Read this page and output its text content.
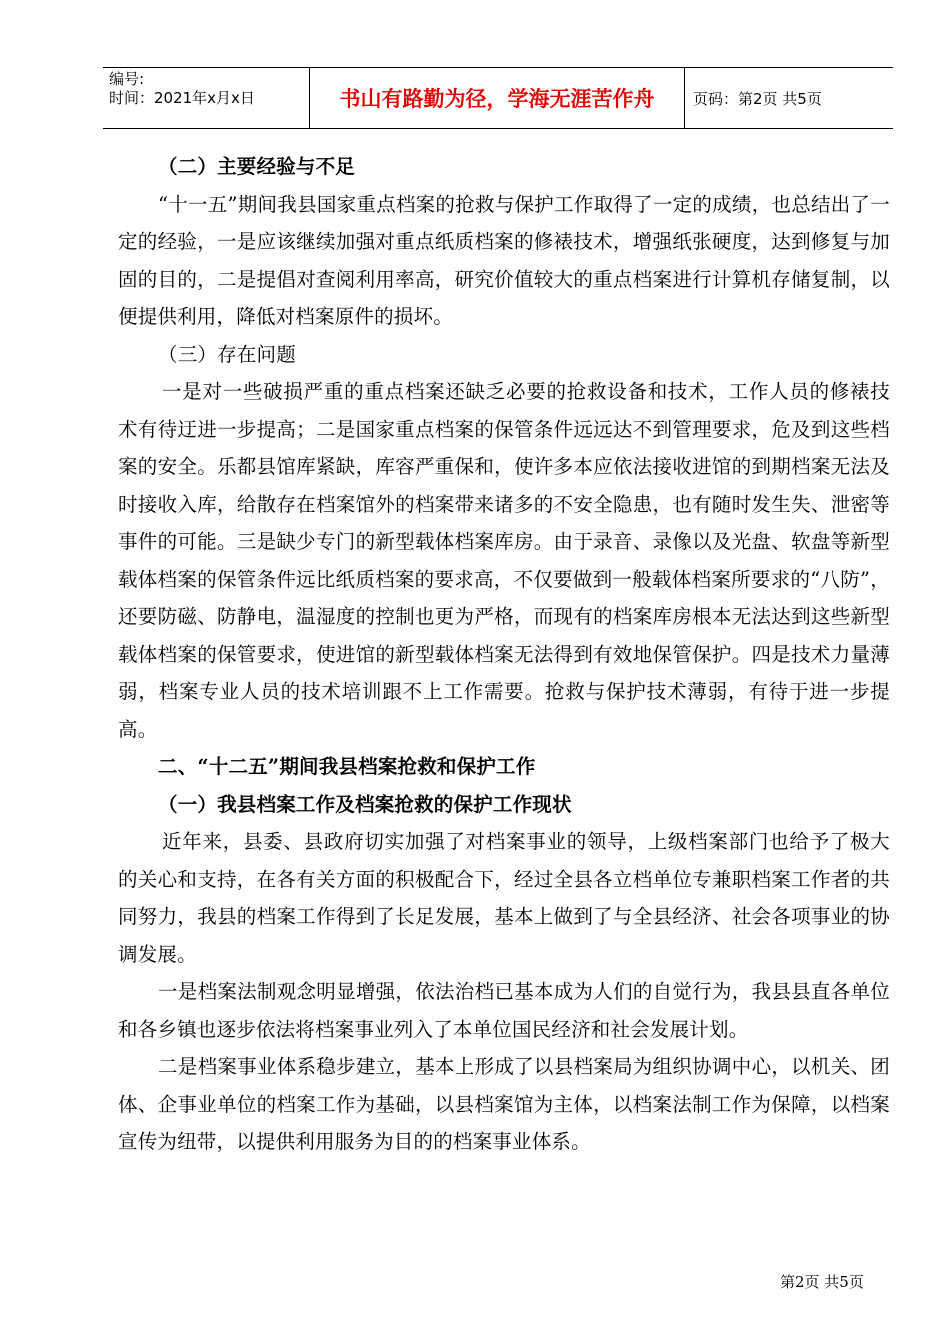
编号:
时间：2021年x月x日	书山有路勤为径，学海无涯苦作舟	页码：第2页 共5页

（二）主要经验与不足

“十一五”期间我县国家重点档案的抢救与保护工作取得了一定的成绩，也总结出了一定的经验，一是应该继续加强对重点纸质档案的修裱技术，增强纸张硬度，达到修复与加固的目的，二是提倡对查阅利用率高，研究价值较大的重点档案进行计算机存储复制，以便提供利用，降低对档案原件的损坏。

（三）存在问题

一是对一些破损严重的重点档案还缺乏必要的抢救设备和技术，工作人员的修裱技术有待迂进一步提高；二是国家重点档案的保管条件远远达不到管理要求，危及到这些档案的安全。乐都县馆库紧缺，库容严重保和，使许多本应依法接收进馆的到期档案无法及时接收入库，给散存在档案馆外的档案带来诸多的不安全隐患，也有随时发生失、泄密等事件的可能。三是缺少专门的新型载体档案库房。由于录音、录像以及光盘、软盘等新型载体档案的保管条件远比纸质档案的要求高，不仅要做到一般载体档案所要求的“八防”，还要防磁、防静电，温湿度的控制也更为严格，而现有的档案库房根本无法达到这些新型载体档案的保管要求，使进馆的新型载体档案无法得到有效地保管保护。四是技术力量薄弱，档案专业人员的技术培训跟不上工作需要。抢救与保护技术薄弱，有待于进一步提高。

二、“十二五”期间我县档案抢救和保护工作

（一）我县档案工作及档案抢救的保护工作现状

近年来，县委、县政府切实加强了对档案事业的领导，上级档案部门也给予了极大的关心和支持，在各有关方面的积极配合下，经过全县各立档单位专兼职档案工作者的共同努力，我县的档案工作得到了长足发展，基本上做到了与全县经济、社会各项事业的协调发展。

一是档案法制观念明显增强，依法治档已基本成为人们的自觉行为，我县县直各单位和各乡镇也逐步依法将档案事业列入了本单位国民经济和社会发展计划。

二是档案事业体系稳步建立，基本上形成了以县档案局为组织协调中心，以机关、团体、企事业单位的档案工作为基础，以县档案馆为主体，以档案法制工作为保障，以档案宣传为纽带，以提供利用服务为目的的档案事业体系。

第2页 共5页
